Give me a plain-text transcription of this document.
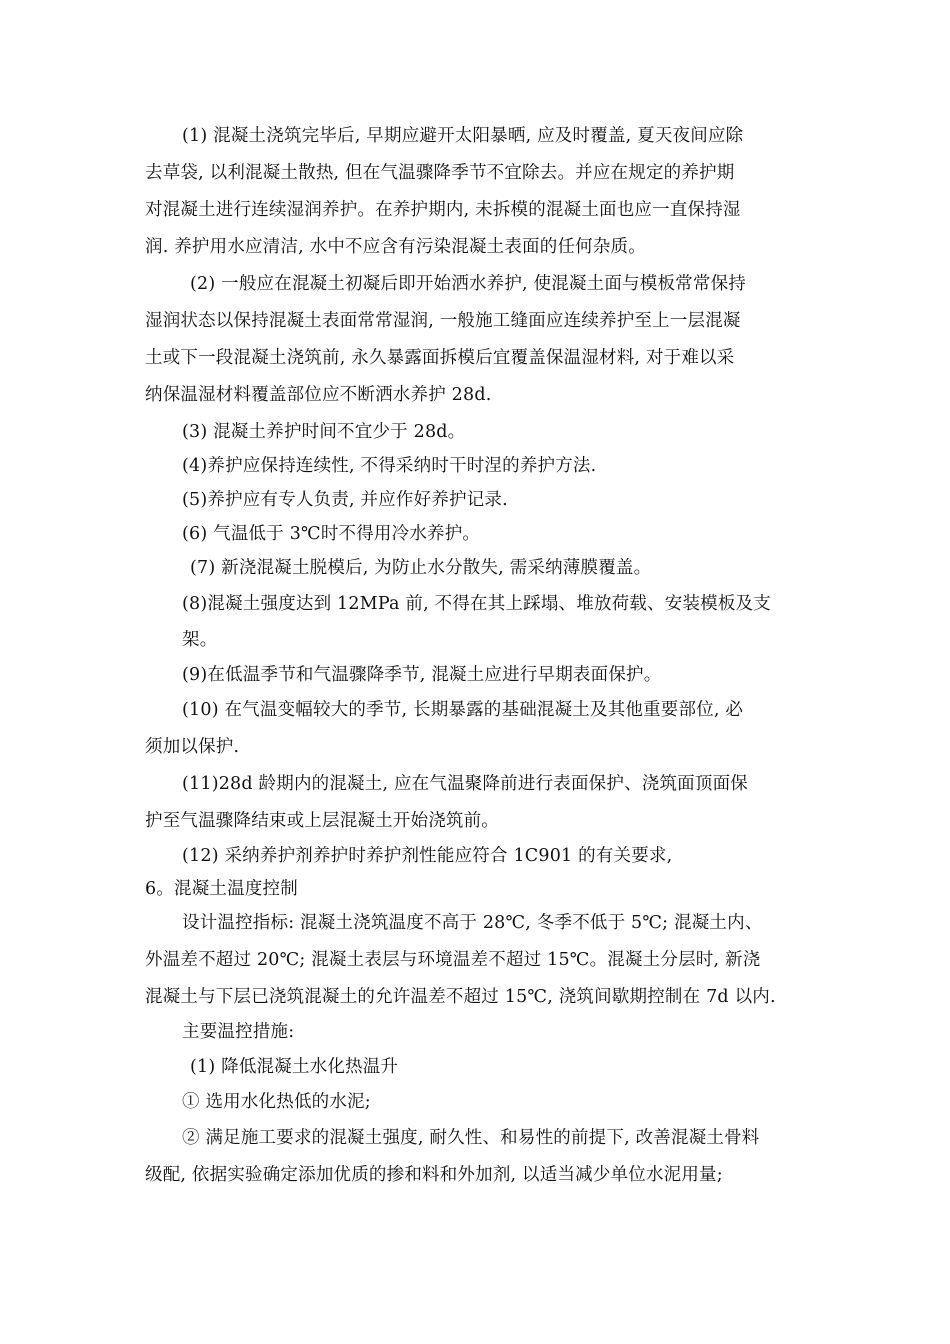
(1) 混凝土浇筑完毕后, 早期应避开太阳暴晒, 应及时覆盖, 夏天夜间应除
去草袋, 以利混凝土散热, 但在气温骤降季节不宜除去。并应在规定的养护期
对混凝土进行连续湿润养护。在养护期内, 未拆模的混凝土面也应一直保持湿
润. 养护用水应清洁, 水中不应含有污染混凝土表面的任何杂质。
(2) 一般应在混凝土初凝后即开始洒水养护, 使混凝土面与模板常常保持
湿润状态以保持混凝土表面常常湿润, 一般施工缝面应连续养护至上一层混凝
土或下一段混凝土浇筑前, 永久暴露面拆模后宜覆盖保温湿材料, 对于难以采
纳保温湿材料覆盖部位应不断洒水养护 28d.
(3) 混凝土养护时间不宜少于 28d。
(4)养护应保持连续性, 不得采纳时干时涅的养护方法.
(5)养护应有专人负责, 并应作好养护记录.
(6) 气温低于 3℃时不得用冷水养护。
(7) 新浇混凝土脱模后, 为防止水分散失, 需采纳薄膜覆盖。
(8)混凝土强度达到 12MPa 前, 不得在其上踩塌、堆放荷载、安装模板及支
架。
(9)在低温季节和气温骤降季节, 混凝土应进行早期表面保护。
(10) 在气温变幅较大的季节, 长期暴露的基础混凝土及其他重要部位, 必
须加以保护.
(11)28d 龄期内的混凝土, 应在气温聚降前进行表面保护、浇筑面顶面保
护至气温骤降结束或上层混凝土开始浇筑前。
(12) 采纳养护剂养护时养护剂性能应符合 1C901 的有关要求,
6。混凝土温度控制
设计温控指标: 混凝土浇筑温度不高于 28℃, 冬季不低于 5℃; 混凝土内、
外温差不超过 20℃; 混凝土表层与环境温差不超过 15℃。混凝土分层时, 新浇
混凝土与下层已浇筑混凝土的允许温差不超过 15℃, 浇筑间歇期控制在 7d 以内.
主要温控措施:
(1) 降低混凝土水化热温升
① 选用水化热低的水泥;
② 满足施工要求的混凝土强度, 耐久性、和易性的前提下, 改善混凝土骨料
级配, 依据实验确定添加优质的掺和料和外加剂, 以适当减少单位水泥用量;
